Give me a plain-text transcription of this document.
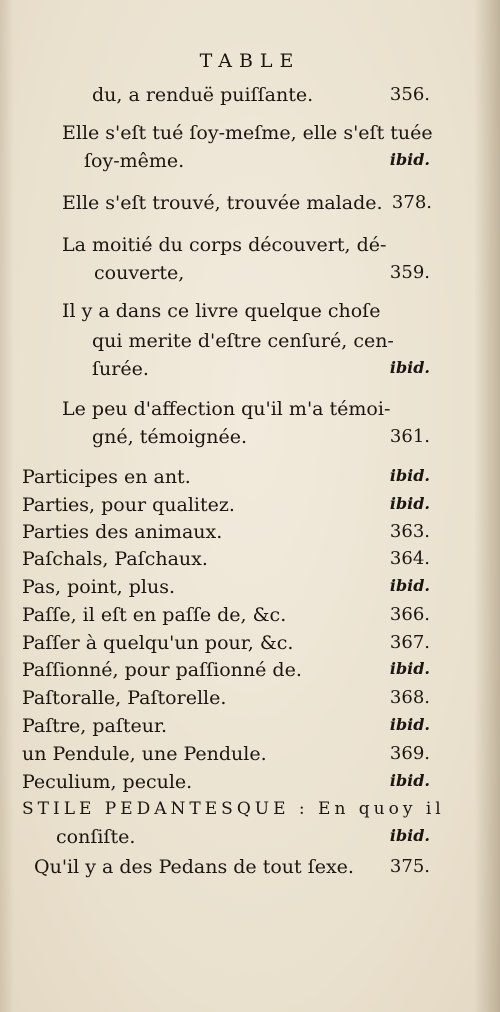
TABLE
du, a renduë puiſſante.	356.
Elle s'eſt tué ſoy-meſme, elle s'eſt tuée
ſoy-même.	ibid.
Elle s'eſt trouvé, trouvée malade. 378.
La moitié du corps découvert, dé-
couverte,	359.
Il y a dans ce livre quelque choſe
qui merite d'eſtre cenſuré, cen-
ſurée.	ibid.
Le peu d'affection qu'il m'a témoi-
gné, témoignée.	361.
Participes en ant.	ibid.
Parties, pour qualitez.	ibid.
Parties des animaux.	363.
Paſchals, Paſchaux.	364.
Pas, point, plus.	ibid.
Paſſe, il eſt en paſſe de, &c.	366.
Paſſer à quelqu'un pour, &c.	367.
Paſſionné, pour paſſionné de.	ibid.
Paſtoralle, Paſtorelle.	368.
Paſtre, paſteur.	ibid.
un Pendule, une Pendule.	369.
Peculium, pecule.	ibid.
STILE PEDANTESQUE : En quoy il
conſiſte.	ibid.
Qu'il y a des Pedans de tout ſexe.	375.
